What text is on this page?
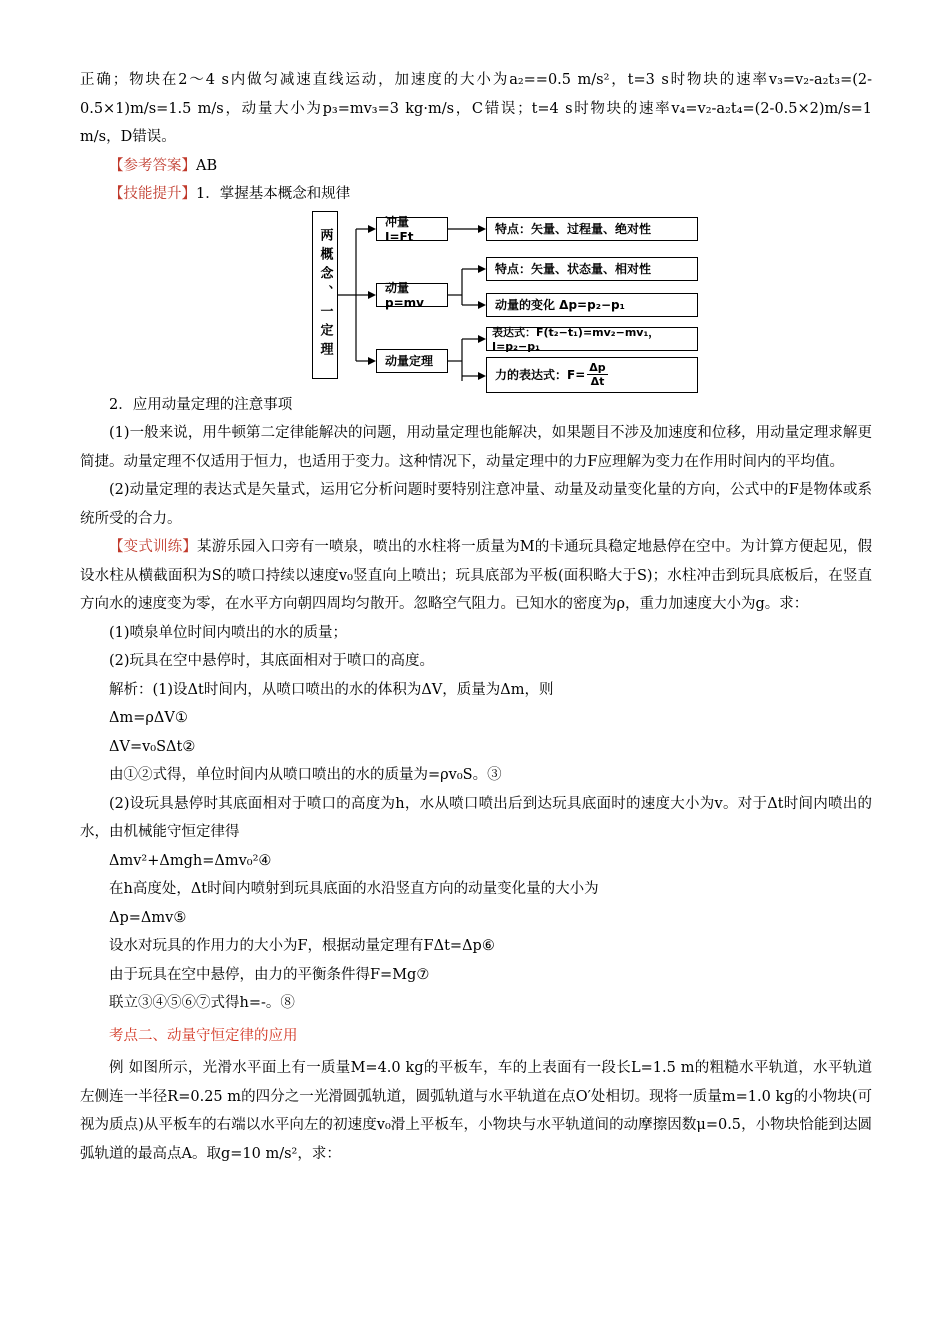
正确；物块在2～4 s内做匀减速直线运动，加速度的大小为a₂==0.5 m/s²，t=3 s时物块的速率v₃=v₂-a₂t₃=(2-0.5×1)m/s=1.5 m/s，动量大小为p₃=mv₃=3 kg·m/s，C错误；t=4 s时物块的速率v₄=v₂-a₂t₄=(2-0.5×2)m/s=1 m/s，D错误。

【参考答案】AB

【技能提升】1．掌握基本概念和规律

两概念、一定理
冲量 I=Ft
特点：矢量、过程量、绝对性
动量 p=mv
特点：矢量、状态量、相对性
动量的变化 Δp=p₂−p₁
动量定理
表达式：F(t₂−t₁)=mv₂−mv₁，I=p₂−p₁
力的表达式：$F= \frac{\Delta p}{\Delta t}$

2．应用动量定理的注意事项

(1)一般来说，用牛顿第二定律能解决的问题，用动量定理也能解决，如果题目不涉及加速度和位移，用动量定理求解更简捷。动量定理不仅适用于恒力，也适用于变力。这种情况下，动量定理中的力F应理解为变力在作用时间内的平均值。

(2)动量定理的表达式是矢量式，运用它分析问题时要特别注意冲量、动量及动量变化量的方向，公式中的F是物体或系统所受的合力。

【变式训练】某游乐园入口旁有一喷泉，喷出的水柱将一质量为M的卡通玩具稳定地悬停在空中。为计算方便起见，假设水柱从横截面积为S的喷口持续以速度v₀竖直向上喷出；玩具底部为平板(面积略大于S)；水柱冲击到玩具底板后，在竖直方向水的速度变为零，在水平方向朝四周均匀散开。忽略空气阻力。已知水的密度为ρ，重力加速度大小为g。求：

(1)喷泉单位时间内喷出的水的质量；

(2)玩具在空中悬停时，其底面相对于喷口的高度。

解析：(1)设Δt时间内，从喷口喷出的水的体积为ΔV，质量为Δm，则

Δm=ρΔV①

ΔV=v₀SΔt②

由①②式得，单位时间内从喷口喷出的水的质量为=ρv₀S。③

(2)设玩具悬停时其底面相对于喷口的高度为h，水从喷口喷出后到达玩具底面时的速度大小为v。对于Δt时间内喷出的水，由机械能守恒定律得

Δmv²+Δmgh=Δmv₀²④

在h高度处，Δt时间内喷射到玩具底面的水沿竖直方向的动量变化量的大小为

Δp=Δmv⑤

设水对玩具的作用力的大小为F，根据动量定理有FΔt=Δp⑥

由于玩具在空中悬停，由力的平衡条件得F=Mg⑦

联立③④⑤⑥⑦式得h=-。⑧

考点二、动量守恒定律的应用

例 如图所示，光滑水平面上有一质量M=4.0 kg的平板车，车的上表面有一段长L=1.5 m的粗糙水平轨道，水平轨道左侧连一半径R=0.25 m的四分之一光滑圆弧轨道，圆弧轨道与水平轨道在点O′处相切。现将一质量m=1.0 kg的小物块(可视为质点)从平板车的右端以水平向左的初速度v₀滑上平板车，小物块与水平轨道间的动摩擦因数μ=0.5，小物块恰能到达圆弧轨道的最高点A。取g=10 m/s²，求：
